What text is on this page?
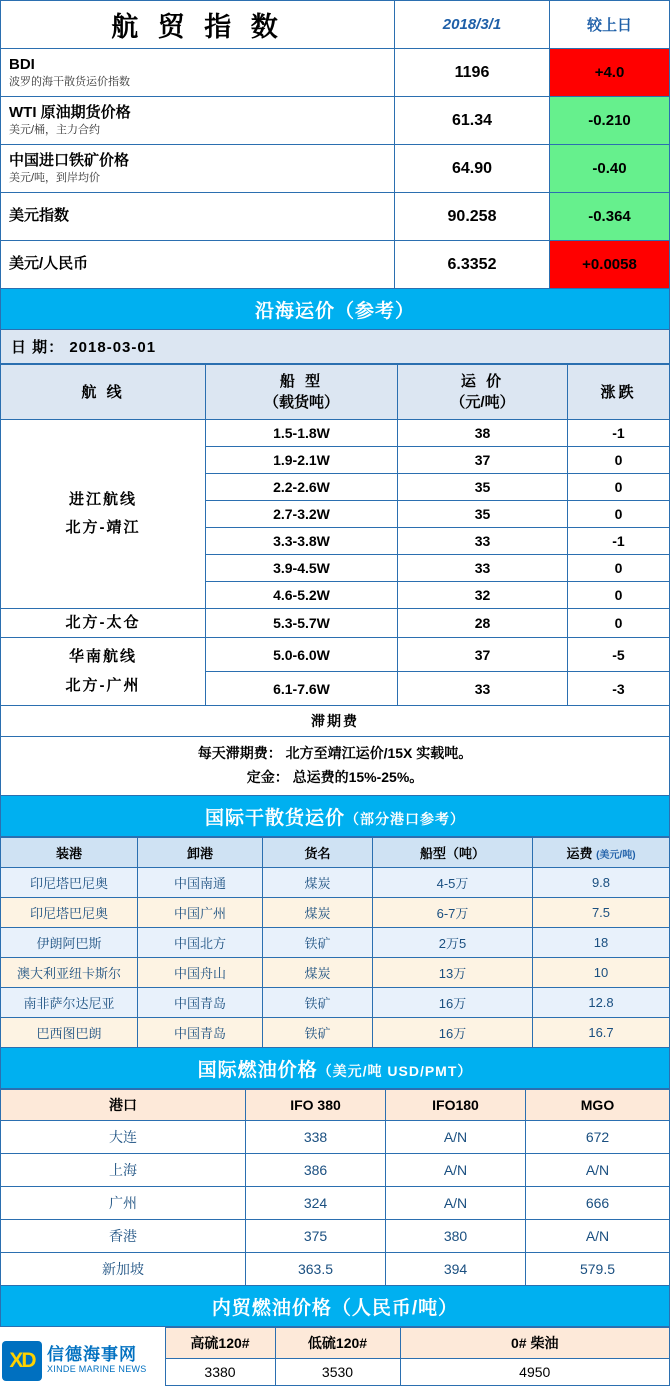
航 贸 指 数	2018/3/1	较上日

BDI
波罗的海干散货运价指数	1196	+4.0

WTI 原油期货价格
美元/桶，主力合约	61.34	-0.210

中国进口铁矿价格
美元/吨，到岸均价	64.90	-0.40

美元指数	90.258	-0.364

美元/人民币	6.3352	+0.0058
沿海运价（参考）
日 期： 2018-03-01
航 线	
船 型
（载货吨）

运 价
（元/吨）
	涨跌

进江航线
北方-靖江	1.5-1.8W	38	-1
	1.9-2.1W	37	0
	2.2-2.6W	35	0
	2.7-3.2W	35	0
	3.3-3.8W	33	-1
	3.9-4.5W	33	0
	4.6-5.2W	32	0

北方-太仓	5.3-5.7W	28	0

华南航线
北方-广州	5.0-6.0W	37	-5
	6.1-7.6W	33	-3
滞期费			

每天滞期费： 北方至靖江运价/15X 实载吨。
定金： 总运费的15%-25%。			
国际干散货运价（部分港口参考）
装港	卸港	货名	船型（吨）	运费 (美元/吨)
印尼塔巴尼奥	中国南通	煤炭	4-5万	9.8
印尼塔巴尼奥	中国广州	煤炭	6-7万	7.5
伊朗阿巴斯	中国北方	铁矿	2万5	18
澳大利亚纽卡斯尔	中国舟山	煤炭	13万	10
南非萨尔达尼亚	中国青岛	铁矿	16万	12.8
巴西图巴朗	中国青岛	铁矿	16万	16.7
国际燃油价格（美元/吨 USD/PMT）
港口	IFO 380	IFO180	MGO
大连	338	A/N	672
上海	386	A/N	A/N
广州	324	A/N	666
香港	375	380	A/N
新加坡	363.5	394	579.5
内贸燃油价格（人民币/吨）
	高硫120#	低硫120#	0# 柴油
	3380	3530	4950
XD 信德海事网
XINDE MARINE NEWS
